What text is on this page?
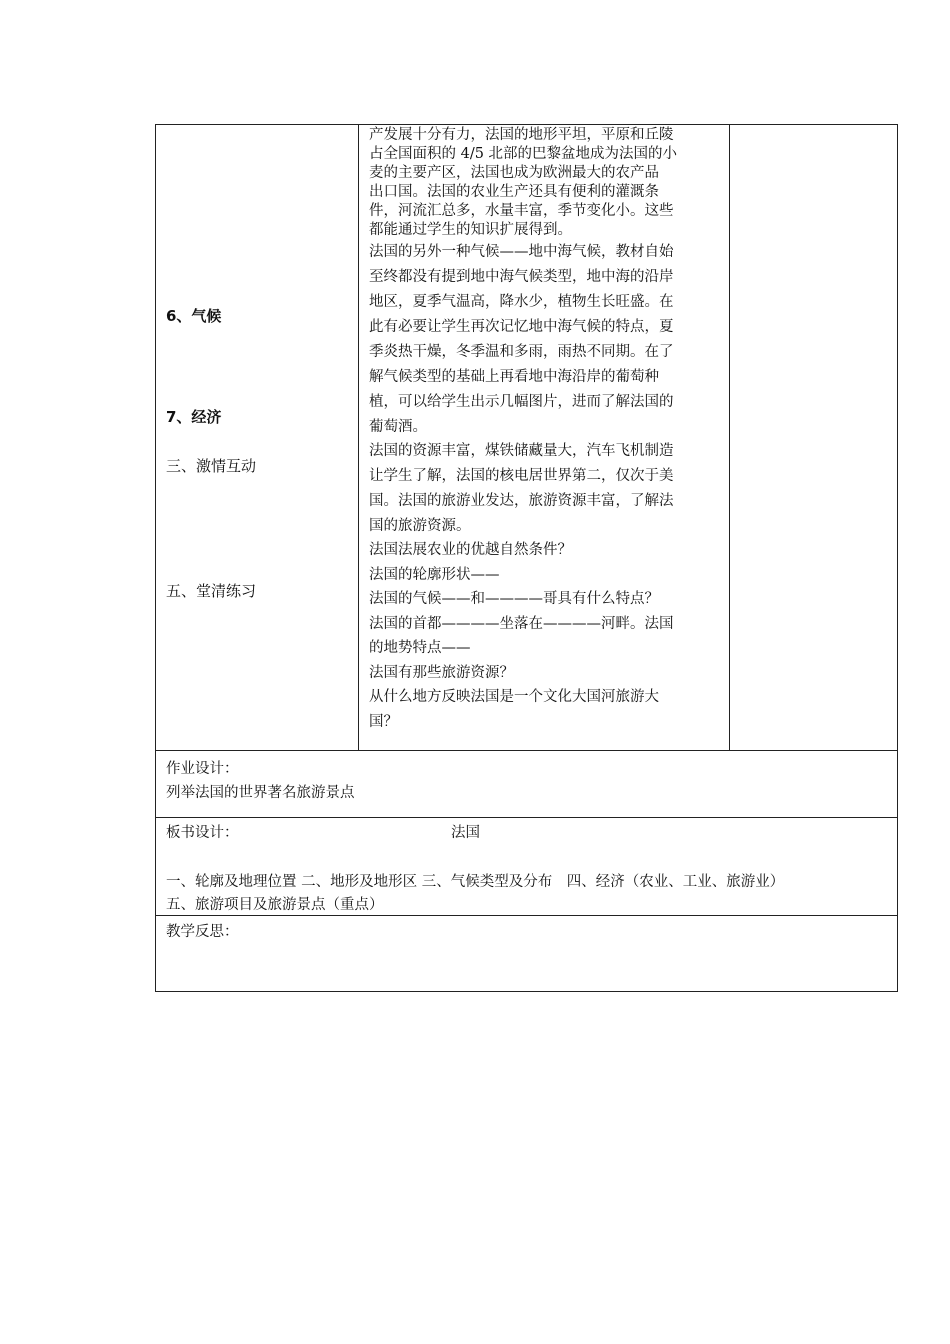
6、气候
7、经济
三、激情互动
五、堂清练习
产发展十分有力，法国的地形平坦，平原和丘陵
占全国面积的 4/5 北部的巴黎盆地成为法国的小
麦的主要产区，法国也成为欧洲最大的农产品
出口国。法国的农业生产还具有便利的灌溉条
件，河流汇总多，水量丰富，季节变化小。这些
都能通过学生的知识扩展得到。
法国的另外一种气候——地中海气候，教材自始
至终都没有提到地中海气候类型，地中海的沿岸
地区，夏季气温高，降水少，植物生长旺盛。在
此有必要让学生再次记忆地中海气候的特点，夏
季炎热干燥，冬季温和多雨，雨热不同期。在了
解气候类型的基础上再看地中海沿岸的葡萄种
植，可以给学生出示几幅图片，进而了解法国的
葡萄酒。
法国的资源丰富，煤铁储藏量大，汽车飞机制造
让学生了解，法国的核电居世界第二，仅次于美
国。法国的旅游业发达，旅游资源丰富，了解法
国的旅游资源。
法国法展农业的优越自然条件？
法国的轮廓形状——
法国的气候——和————哥具有什么特点？
法国的首都————坐落在————河畔。法国
的地势特点——
法国有那些旅游资源？
从什么地方反映法国是一个文化大国河旅游大
国？
作业设计：
列举法国的世界著名旅游景点
板书设计：	法国
一、轮廓及地理位置 二、地形及地形区 三、气候类型及分布　四、经济（农业、工业、旅游业）
五、旅游项目及旅游景点（重点）
教学反思：
